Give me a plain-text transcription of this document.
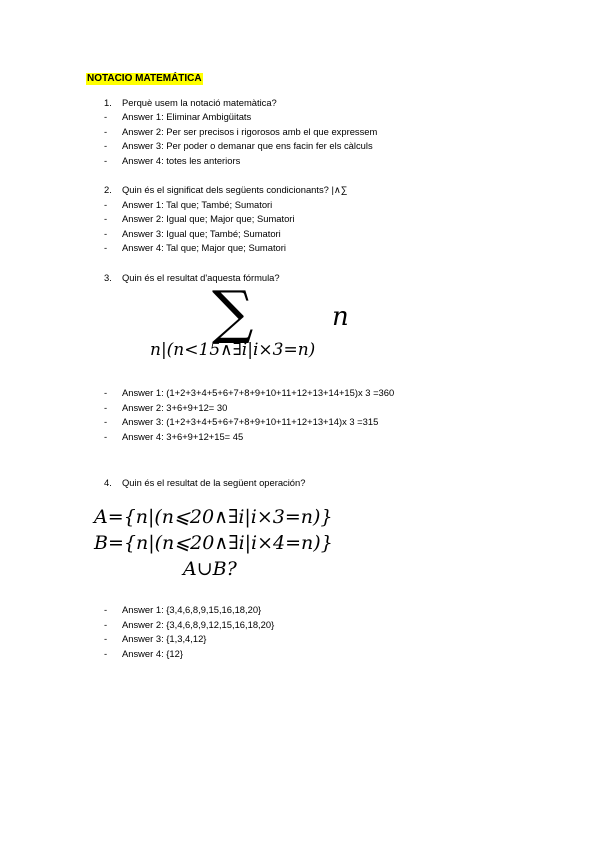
NOTACIO MATEMÁTICA
1. Perquè usem la notació matemàtica?
- Answer 1: Eliminar Ambigüitats
- Answer 2: Per ser precisos i rigorosos amb el que expressem
- Answer 3: Per poder o demanar que ens facin fer els càlculs
- Answer 4: totes les anteriors
2. Quin és el significat dels següents condicionants? |∧∑
- Answer 1: Tal que; També; Sumatori
- Answer 2: Igual que; Major que; Sumatori
- Answer 3: Igual que; També; Sumatori
- Answer 4: Tal que; Major que; Sumatori
3. Quin és el resultat d'aquesta fórmula?
∑	n
n|(n<15∧∃i|i×3=n)
- Answer 1: (1+2+3+4+5+6+7+8+9+10+11+12+13+14+15)x 3 =360
- Answer 2: 3+6+9+12= 30
- Answer 3: (1+2+3+4+5+6+7+8+9+10+11+12+13+14)x 3 =315
- Answer 4: 3+6+9+12+15= 45
4. Quin és el resultat de la següent operación?
A={n|(n⩽20∧∃i|i×3=n)}
B={n|(n⩽20∧∃i|i×4=n)}
A∪B?
- Answer 1: {3,4,6,8,9,15,16,18,20}
- Answer 2: {3,4,6,8,9,12,15,16,18,20}
- Answer 3: {1,3,4,12}
- Answer 4: {12}
